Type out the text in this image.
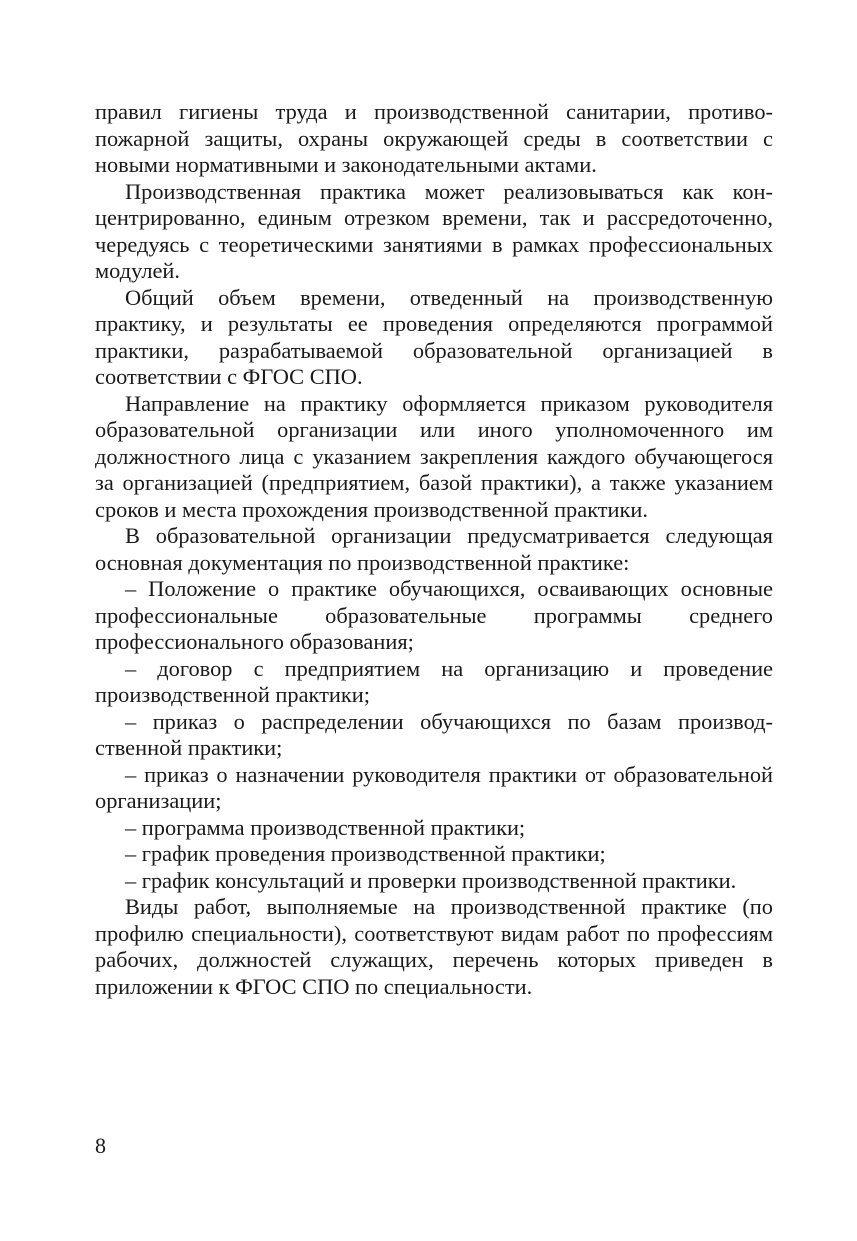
правил гигиены труда и производственной санитарии, противопожарной защиты, охраны окружающей среды в соответствии с новыми нормативными и законодательными актами.

Производственная практика может реализовываться как концентрированно, единым отрезком времени, так и рассредоточенно, чередуясь с теоретическими занятиями в рамках профессиональных модулей.

Общий объем времени, отведенный на производственную практику, и результаты ее проведения определяются программой практики, разрабатываемой образовательной организацией в соответствии с ФГОС СПО.

Направление на практику оформляется приказом руководителя образовательной организации или иного уполномоченного им должностного лица с указанием закрепления каждого обучающегося за организацией (предприятием, базой практики), а также указанием сроков и места прохождения производственной практики.

В образовательной организации предусматривается следующая основная документация по производственной практике:

– Положение о практике обучающихся, осваивающих основные профессиональные образовательные программы среднего профессионального образования;

– договор с предприятием на организацию и проведение производственной практики;

– приказ о распределении обучающихся по базам производственной практики;

– приказ о назначении руководителя практики от образовательной организации;

– программа производственной практики;

– график проведения производственной практики;

– график консультаций и проверки производственной практики.

Виды работ, выполняемые на производственной практике (по профилю специальности), соответствуют видам работ по профессиям рабочих, должностей служащих, перечень которых приведен в приложении к ФГОС СПО по специальности.

8
